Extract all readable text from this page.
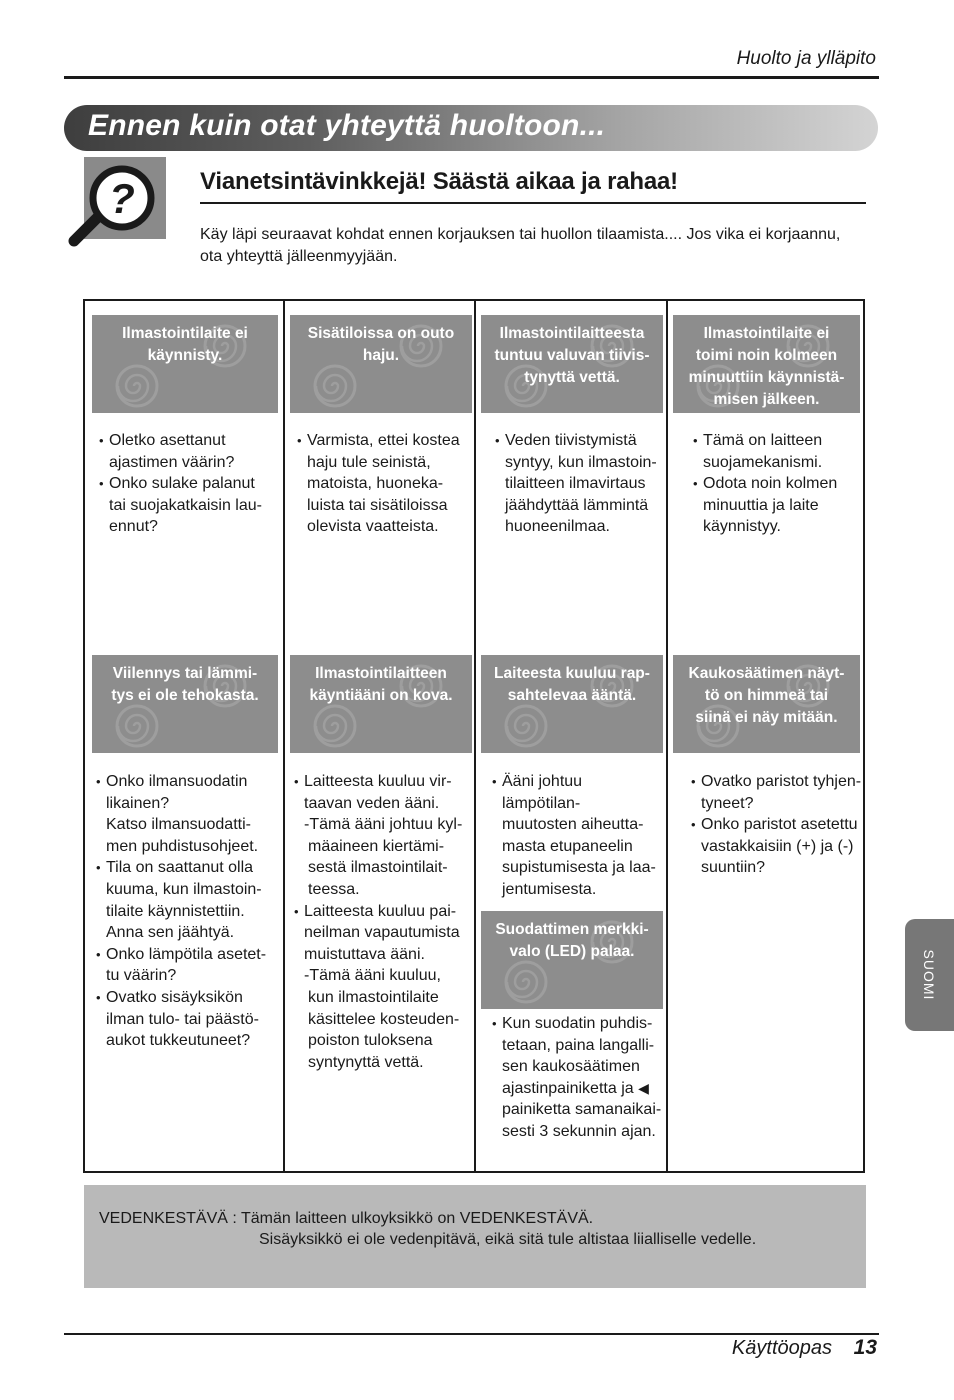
Huolto ja ylläpito
Ennen kuin otat yhteyttä huoltoon...
?	Vianetsintävinkkejä! Säästä aikaa ja rahaa!
Käy läpi seuraavat kohdat ennen korjauksen tai huollon tilaamista.... Jos vika ei korjaannu,
ota yhteyttä jälleenmyyjään.
Ilmastointilaite ei
käynnisty.
Sisätiloissa on outo
haju.
Ilmastointilaitteesta
tuntuu valuvan tiivis-
tynyttä vettä.
Ilmastointilaite ei
toimi noin kolmeen
minuuttiin käynnistä-
misen jälkeen.
• Oletko asettanut
ajastimen väärin?
• Onko sulake palanut
tai suojakatkaisin lau-
ennut?
• Varmista, ettei kostea
haju tule seinistä,
matoista, huoneka-
luista tai sisätiloissa
olevista vaatteista.
• Veden tiivistymistä
syntyy, kun ilmastoin-
tilaitteen ilmavirtaus
jäähdyttää lämmintä
huoneenilmaa.
• Tämä on laitteen
suojamekanismi.
• Odota noin kolmen
minuuttia ja laite
käynnistyy.
Viilennys tai lämmi-
tys ei ole tehokasta.
Ilmastointilaitteen
käyntiääni on kova.
Laiteesta kuuluu rap-
sahtelevaa ääntä.
Kaukosäätimen näyt-
tö on himmeä tai
siinä ei näy mitään.
• Onko ilmansuodatin
likainen?
Katso ilmansuodatti-
men puhdistusohjeet.
• Tila on saattanut olla
kuuma, kun ilmastoin-
tilaite käynnistettiin.
Anna sen jäähtyä.
• Onko lämpötila asetet-
tu väärin?
• Ovatko sisäyksikön
ilman tulo- tai päästö-
aukot tukkeutuneet?
• Laitteesta kuuluu vir-
taavan veden ääni.
-Tämä ääni johtuu kyl-
mäaineen kiertämi-
sestä ilmastointilait-
teessa.
• Laitteesta kuuluu pai-
neilman vapautumista
muistuttava ääni.
-Tämä ääni kuuluu,
kun ilmastointilaite
käsittelee kosteuden-
poiston tuloksena
syntynyttä vettä.
• Ääni johtuu lämpötilan-
muutosten aiheutta-
masta etupaneelin
supistumisesta ja laa-
jentumisesta.
• Ovatko paristot tyhjen-
tyneet?
• Onko paristot asetettu
vastakkaisiin (+) ja (-)
suuntiin?
Suodattimen merkki-
valo (LED) palaa.
• Kun suodatin puhdis-
tetaan, paina langalli-
sen kaukosäätimen
ajastinpainiketta ja ◀
painiketta samanaikai-
sesti 3 sekunnin ajan.
SUOMI
VEDENKESTÄVÄ : Tämän laitteen ulkoyksikkö on VEDENKESTÄVÄ.
Sisäyksikkö ei ole vedenpitävä, eikä sitä tule altistaa liialliselle vedelle.
Käyttöopas 13
